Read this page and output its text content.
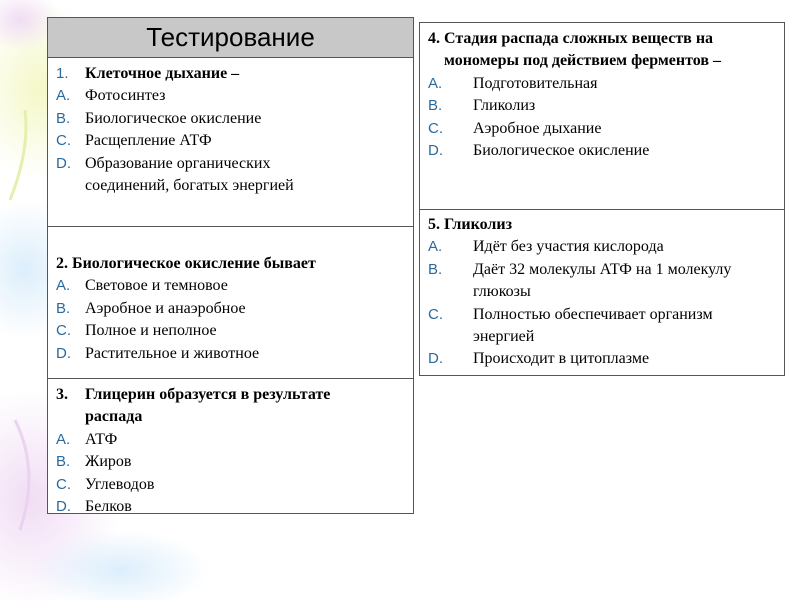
Тестирование
1.	Клеточное дыхание –
A. Фотосинтез
B. Биологическое окисление
C. Расщепление АТФ
D. Образование органических соединений, богатых энергией
2. Биологическое окисление бывает
A. Световое и темновое
B. Аэробное и анаэробное
C. Полное и неполное
D. Растительное и животное
3.	Глицерин образуется в результате распада
A. АТФ
B. Жиров
C. Углеводов
D. Белков
4. Стадия распада сложных веществ на мономеры под действием ферментов –
A.	Подготовительная
B.	Гликолиз
C.	Аэробное дыхание
D.	Биологическое окисление
5. Гликолиз
A.	Идёт без участия кислорода
B.	Даёт 32 молекулы АТФ на 1 молекулу глюкозы
C.	Полностью обеспечивает организм энергией
D.	Происходит в цитоплазме
